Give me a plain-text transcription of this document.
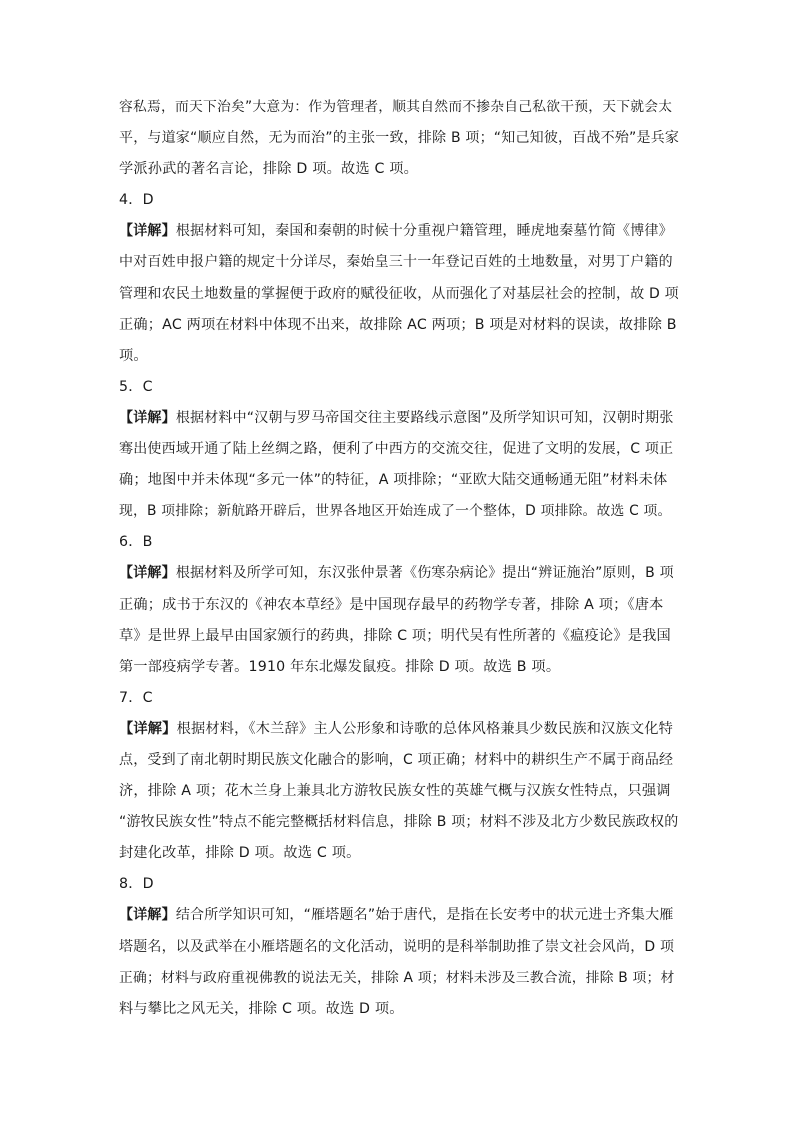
容私焉，而天下治矣”大意为：作为管理者，顺其自然而不掺杂自己私欲干预，天下就会太
平，与道家“顺应自然，无为而治”的主张一致，排除 B 项；“知己知彼，百战不殆”是兵家
学派孙武的著名言论，排除 D 项。故选 C 项。

4．D

【详解】根据材料可知，秦国和秦朝的时候十分重视户籍管理，睡虎地秦墓竹简《博律》
中对百姓申报户籍的规定十分详尽，秦始皇三十一年登记百姓的土地数量，对男丁户籍的
管理和农民土地数量的掌握便于政府的赋役征收，从而强化了对基层社会的控制，故 D 项
正确；AC 两项在材料中体现不出来，故排除 AC 两项；B 项是对材料的误读，故排除 B
项。

5．C

【详解】根据材料中“汉朝与罗马帝国交往主要路线示意图”及所学知识可知，汉朝时期张
骞出使西域开通了陆上丝绸之路，便利了中西方的交流交往，促进了文明的发展，C 项正
确；地图中并未体现“多元一体”的特征，A 项排除；“亚欧大陆交通畅通无阻”材料未体
现，B 项排除；新航路开辟后，世界各地区开始连成了一个整体，D 项排除。故选 C 项。

6．B

【详解】根据材料及所学可知，东汉张仲景著《伤寒杂病论》提出“辨证施治”原则，B 项
正确；成书于东汉的《神农本草经》是中国现存最早的药物学专著，排除 A 项；《唐本
草》是世界上最早由国家颁行的药典，排除 C 项；明代吴有性所著的《瘟疫论》是我国
第一部疫病学专著。1910 年东北爆发鼠疫。排除 D 项。故选 B 项。

7．C

【详解】根据材料，《木兰辞》主人公形象和诗歌的总体风格兼具少数民族和汉族文化特
点，受到了南北朝时期民族文化融合的影响，C 项正确；材料中的耕织生产不属于商品经
济，排除 A 项；花木兰身上兼具北方游牧民族女性的英雄气概与汉族女性特点，只强调
“游牧民族女性”特点不能完整概括材料信息，排除 B 项；材料不涉及北方少数民族政权的
封建化改革，排除 D 项。故选 C 项。

8．D

【详解】结合所学知识可知，“雁塔题名”始于唐代，是指在长安考中的状元进士齐集大雁
塔题名，以及武举在小雁塔题名的文化活动，说明的是科举制助推了崇文社会风尚，D 项
正确；材料与政府重视佛教的说法无关，排除 A 项；材料未涉及三教合流，排除 B 项；材
料与攀比之风无关，排除 C 项。故选 D 项。
